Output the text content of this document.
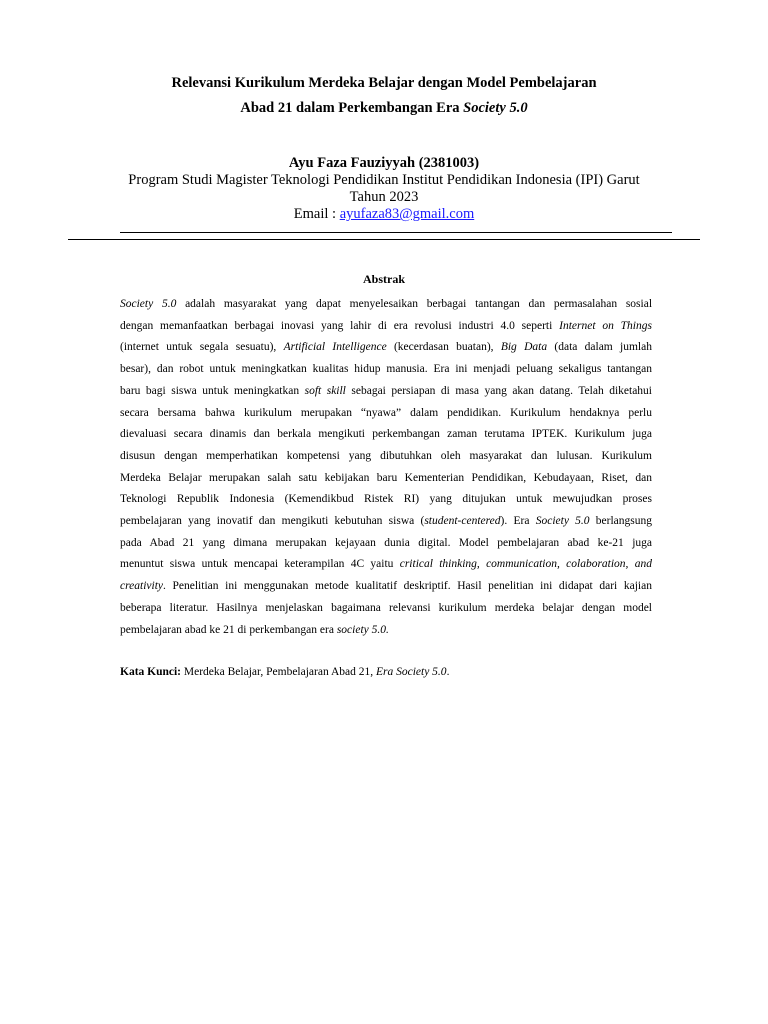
Relevansi Kurikulum Merdeka Belajar dengan Model Pembelajaran
Abad 21 dalam Perkembangan Era Society 5.0
Ayu Faza Fauziyyah (2381003)
Program Studi Magister Teknologi Pendidikan Institut Pendidikan Indonesia (IPI) Garut
Tahun 2023
Email : ayufaza83@gmail.com
Abstrak
Society 5.0 adalah masyarakat yang dapat menyelesaikan berbagai tantangan dan permasalahan sosial
dengan memanfaatkan berbagai inovasi yang lahir di era revolusi industri 4.0 seperti Internet on Things
(internet untuk segala sesuatu), Artificial Intelligence (kecerdasan buatan), Big Data (data dalam jumlah
besar), dan robot untuk meningkatkan kualitas hidup manusia. Era ini menjadi peluang sekaligus tantangan
baru bagi siswa untuk meningkatkan soft skill sebagai persiapan di masa yang akan datang. Telah diketahui
secara bersama bahwa kurikulum merupakan “nyawa” dalam pendidikan. Kurikulum hendaknya perlu
dievaluasi secara dinamis dan berkala mengikuti perkembangan zaman terutama IPTEK. Kurikulum juga
disusun dengan memperhatikan kompetensi yang dibutuhkan oleh masyarakat dan lulusan. Kurikulum
Merdeka Belajar merupakan salah satu kebijakan baru Kementerian Pendidikan, Kebudayaan, Riset, dan
Teknologi Republik Indonesia (Kemendikbud Ristek RI) yang ditujukan untuk mewujudkan proses
pembelajaran yang inovatif dan mengikuti kebutuhan siswa (student-centered). Era Society 5.0 berlangsung
pada Abad 21 yang dimana merupakan kejayaan dunia digital. Model pembelajaran abad ke-21 juga
menuntut siswa untuk mencapai keterampilan 4C yaitu critical thinking, communication, colaboration, and
creativity. Penelitian ini menggunakan metode kualitatif deskriptif. Hasil penelitian ini didapat dari kajian
beberapa literatur. Hasilnya menjelaskan bagaimana relevansi kurikulum merdeka belajar dengan model
pembelajaran abad ke 21 di perkembangan era society 5.0.
Kata Kunci: Merdeka Belajar, Pembelajaran Abad 21, Era Society 5.0.
